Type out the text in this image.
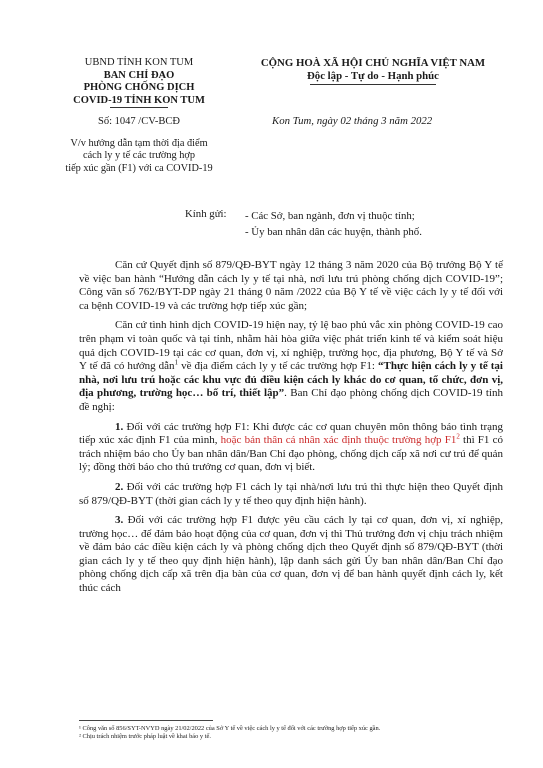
UBND TỈNH KON TUM
BAN CHỈ ĐẠO
PHÒNG CHỐNG DỊCH
COVID-19 TỈNH KON TUM
Số: 1047 /CV-BCĐ
V/v hướng dẫn tạm thời địa điểm
cách ly y tế các trường hợp
tiếp xúc gần (F1) với ca COVID-19
CỘNG HOÀ XÃ HỘI CHỦ NGHĨA VIỆT NAM
Độc lập - Tự do - Hạnh phúc
Kon Tum, ngày 02 tháng 3 năm 2022
Kính gửi: - Các Sở, ban ngành, đơn vị thuộc tỉnh;
- Ủy ban nhân dân các huyện, thành phố.

Căn cứ Quyết định số 879/QĐ-BYT ngày 12 tháng 3 năm 2020 của Bộ trưởng Bộ Y tế về việc ban hành “Hướng dẫn cách ly y tế tại nhà, nơi lưu trú phòng chống dịch COVID-19”; Công văn số 762/BYT-DP ngày 21 tháng 0 năm /2022 của Bộ Y tế về việc cách ly y tế đối với ca bệnh COVID-19 và các trường hợp tiếp xúc gần;

Căn cứ tình hình dịch COVID-19 hiện nay, tỷ lệ bao phủ vắc xin phòng COVID-19 cao trên phạm vi toàn quốc và tại tỉnh, nhằm hài hòa giữa việc phát triển kinh tế và kiểm soát hiệu quả dịch COVID-19 tại các cơ quan, đơn vị, xí nghiệp, trường học, địa phương, Bộ Y tế và Sở Y tế đã có hướng dẫn$^1$ về địa điểm cách ly y tế các trường hợp F1: “Thực hiện cách ly y tế tại nhà, nơi lưu trú hoặc các khu vực đủ điều kiện cách ly khác do cơ quan, tổ chức, đơn vị, địa phương, trường học… bố trí, thiết lập”. Ban Chỉ đạo phòng chống dịch COVID-19 tỉnh đề nghị:

1. Đối với các trường hợp F1: Khi được các cơ quan chuyên môn thông báo tình trạng tiếp xúc xác định F1 của mình, hoặc bản thân cá nhân xác định thuộc trường hợp $F1^2$ thì F1 có trách nhiệm báo cho Ủy ban nhân dân/Ban Chỉ đạo phòng, chống dịch cấp xã nơi cư trú để quản lý; đồng thời báo cho thủ trưởng cơ quan, đơn vị biết.

2. Đối với các trường hợp F1 cách ly tại nhà/nơi lưu trú thì thực hiện theo Quyết định số 879/QĐ-BYT (thời gian cách ly y tế theo quy định hiện hành).

3. Đối với các trường hợp F1 được yêu cầu cách ly tại cơ quan, đơn vị, xí nghiệp, trường học… để đảm bảo hoạt động của cơ quan, đơn vị thì Thủ trưởng đơn vị chịu trách nhiệm về đảm bảo các điều kiện cách ly và phòng chống dịch theo Quyết định số 879/QĐ-BYT (thời gian cách ly y tế theo quy định hiện hành), lập danh sách gửi Ủy ban nhân dân/Ban Chỉ đạo phòng chống dịch cấp xã trên địa bàn của cơ quan, đơn vị để ban hành quyết định cách ly, kết thúc cách

¹ Công văn số 856/SYT-NVYD ngày 21/02/2022 của Sở Y tế về việc cách ly y tế đối với các trường hợp tiếp xúc gần.
² Chịu trách nhiệm trước pháp luật về khai báo y tế.
